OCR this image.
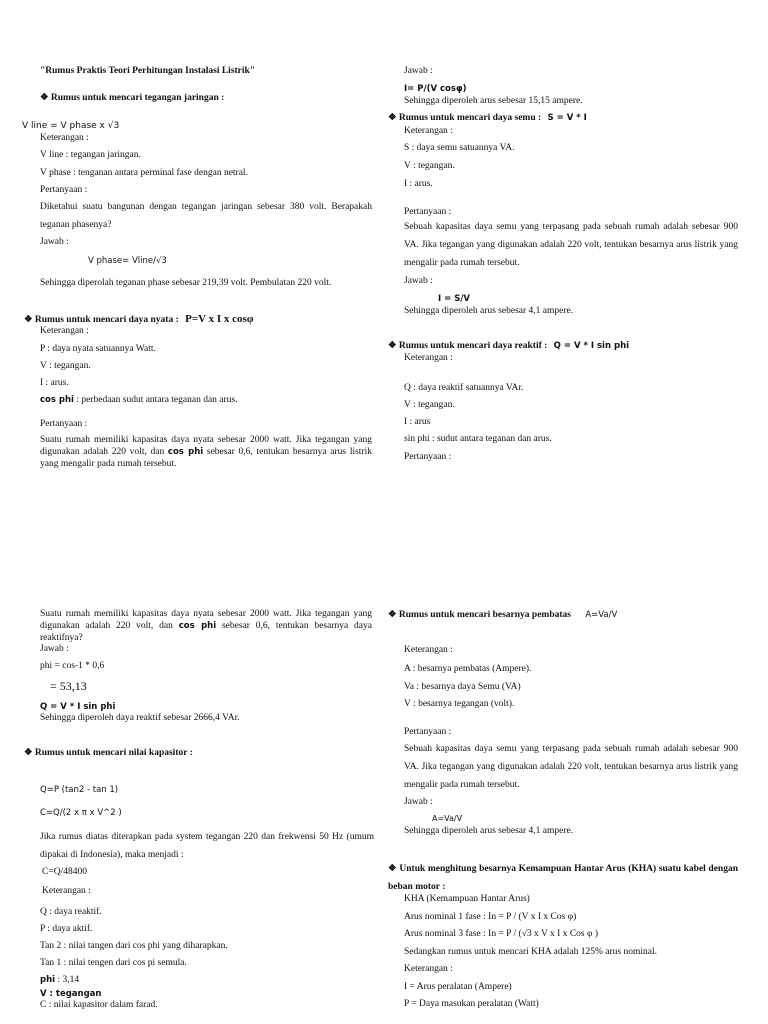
"Rumus Praktis Teori Perhitungan Instalasi Listrik"
❖ Rumus untuk mencari tegangan jaringan :
V line = V phase x √3
Keterangan :
V line : tegangan jaringan.
V phase : tenganan antara perminal fase dengan netral.
Pertanyaan :
Diketahui suatu bangunan dengan tegangan jaringan sebesar 380 volt. Berapakah teganan phasenya?
Jawab :
V phase= Vline/√3
Sehingga diperolah teganan phase sebesar 219,39 volt. Pembulatan 220 volt.
❖ Rumus untuk mencari daya nyata : P=V x I x cosφ
Keterangan :
P : daya nyata satuannya Watt.
V : tegangan.
I : arus.
cos phi : perbedaan sudut antara teganan dan arus.
Pertanyaan :
Suatu rumah memiliki kapasitas daya nyata sebesar 2000 watt. Jika tegangan yang digunakan adalah 220 volt, dan cos phi sebesar 0,6, tentukan besarnya arus listrik yang mengalir pada rumah tersebut.
Jawab :
I= P/(V cosφ)
Sehingga diperoleh arus sebesar 15,15 ampere.
❖ Rumus untuk mencari daya semu : S = V * I
Keterangan :
S : daya semu satuannya VA.
V : tegangan.
I : arus.
Pertanyaan :
Sebuah kapasitas daya semu yang terpasang pada sebuah rumah adalah sebesar 900 VA. Jika tegangan yang digunakan adalah 220 volt, tentukan besarnya arus listrik yang mengalir pada rumah tersebut.
Jawab :
I = S/V
Sehingga diperoleh arus sebesar 4,1 ampere.
❖ Rumus untuk mencari daya reaktif : Q = V * I sin phi
Keterangan :
Q : daya reaktif satuannya VAr.
V : tegangan.
I : arus
sin phi : sudut antara teganan dan arus.
Pertanyaan :
Suatu rumah memiliki kapasitas daya nyata sebesar 2000 watt. Jika tegangan yang digunakan adalah 220 volt, dan cos phi sebesar 0,6, tentukan besarnya daya reaktifnya?
Jawab :
phi = cos-1 * 0,6
= 53,13
Q = V * I sin phi
Sehingga diperoleh daya reaktif sebesar 2666,4 VAr.
❖ Rumus untuk mencari nilai kapasitor :
Q=P (tan2 - tan 1)
C=Q/(2 x π x V^2 )
Jika rumus diatas diterapkan pada system tegangan 220 dan frekwensi 50 Hz (umum dipakai di Indonesia), maka menjadi :
C=Q/48400
Keterangan :
Q : daya reaktif.
P : daya aktif.
Tan 2 : nilai tangen dari cos phi yang diharapkan.
Tan 1 : nilai tengen dari cos pi semula.
phi : 3,14
V : tegangan
C : nilai kapasitor dalam farad.
❖ Rumus untuk mencari besarnya pembatas A=Va/V
Keterangan :
A : besarnya pembatas (Ampere).
Va : besarnya daya Semu (VA)
V : besarnya tegangan (volt).
Pertanyaan :
Sebuah kapasitas daya semu yang terpasang pada sebuah rumah adalah sebesar 900 VA. Jika tegangan yang digunakan adalah 220 volt, tentukan besarnya arus listrik yang mengalir pada rumah tersebut.
Jawab :
A=Va/V
Sehingga diperoleh arus sebesar 4,1 ampere.
❖ Untuk menghitung besarnya Kemampuan Hantar Arus (KHA) suatu kabel dengan beban motor :
KHA (Kemampuan Hantar Arus)
Arus nominal 1 fase : In = P / (V x I x Cos φ)
Arus nominal 3 fase : In = P / (√3 x V x I x Cos φ )
Sedangkan rumus untuk mencari KHA adalah 125% arus nominal.
Keterangan :
I = Arus peralatan (Ampere)
P = Daya masukan peralatan (Watt)
